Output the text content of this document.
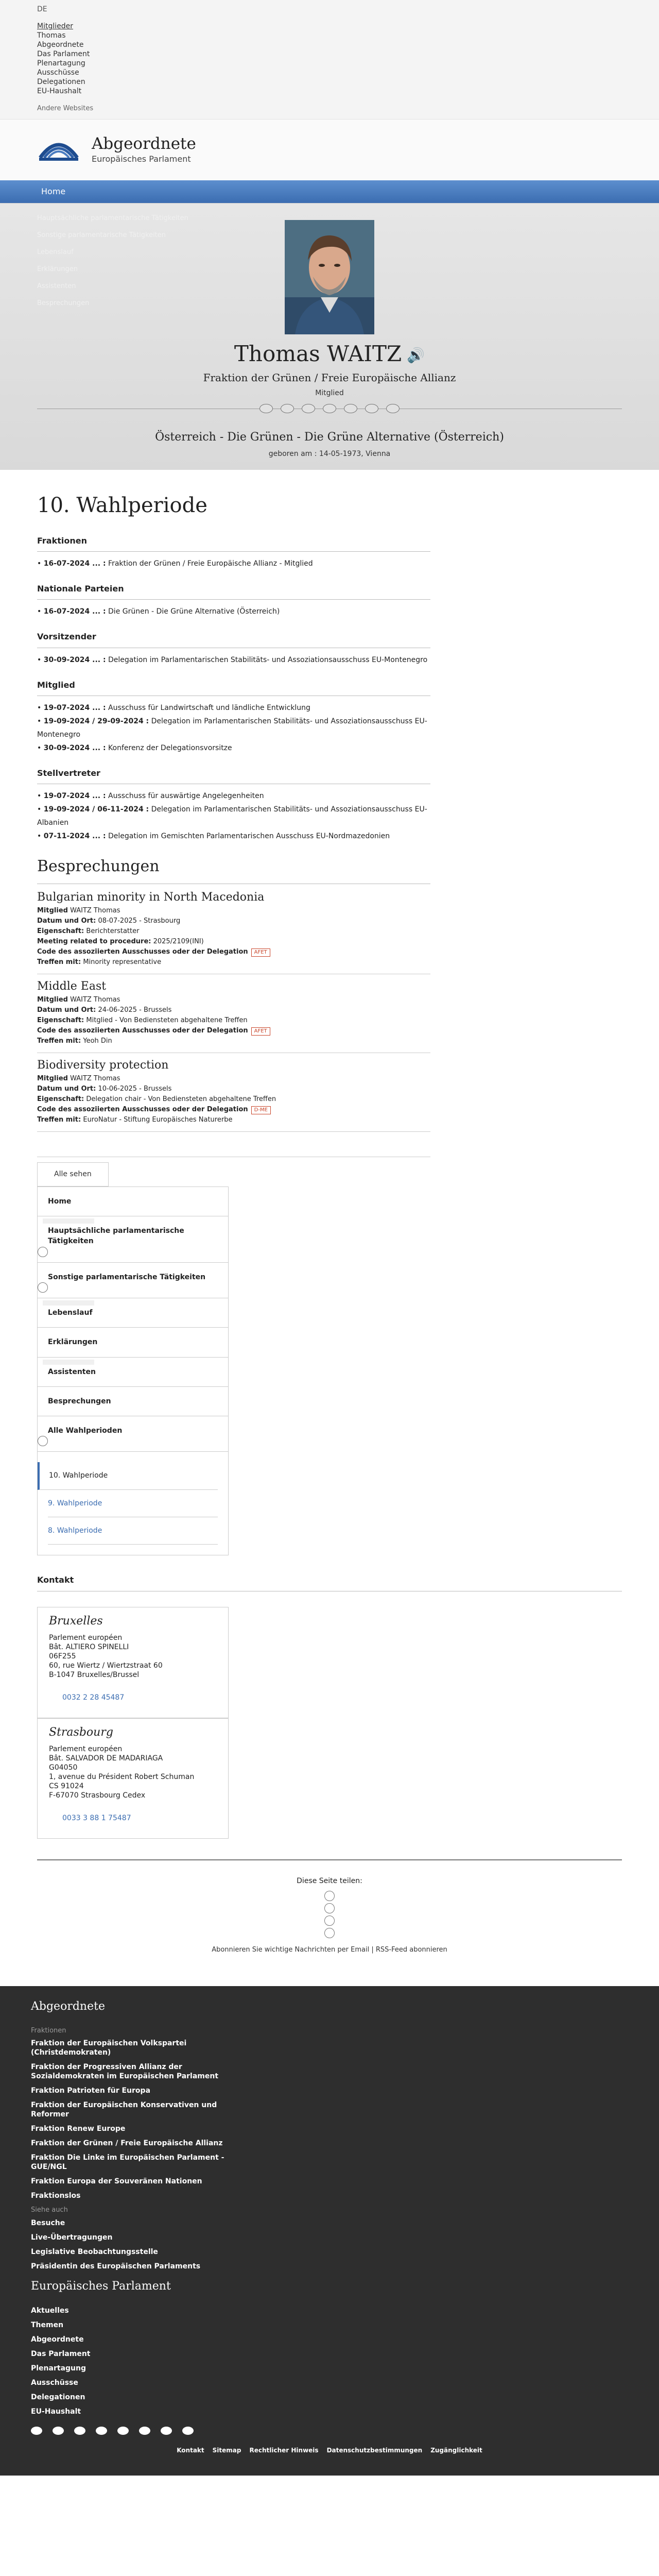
DE
Mitglieder
Thomas
Abgeordnete
Das Parlament
Plenartagung
Ausschüsse
Delegationen
EU-Haushalt
Andere Websites
Abgeordnete
Europäisches Parlament
Home
Hauptsächliche parlamentarische Tätigkeiten
Sonstige parlamentarische Tätigkeiten
Lebenslauf
Erklärungen
Assistenten
Besprechungen
Thomas WAITZ 🔊
Fraktion der Grünen / Freie Europäische Allianz
Mitglied
Österreich - Die Grünen - Die Grüne Alternative (Österreich)
geboren am : 14-05-1973, Vienna
10. Wahlperiode
Fraktionen
• 16-07-2024 ... : Fraktion der Grünen / Freie Europäische Allianz - Mitglied
Nationale Parteien
• 16-07-2024 ... : Die Grünen - Die Grüne Alternative (Österreich)
Vorsitzender
• 30-09-2024 ... : Delegation im Parlamentarischen Stabilitäts- und Assoziationsausschuss EU-Montenegro
Mitglied
• 19-07-2024 ... : Ausschuss für Landwirtschaft und ländliche Entwicklung
• 19-09-2024 / 29-09-2024 : Delegation im Parlamentarischen Stabilitäts- und Assoziationsausschuss EU-Montenegro
• 30-09-2024 ... : Konferenz der Delegationsvorsitze
Stellvertreter
• 19-07-2024 ... : Ausschuss für auswärtige Angelegenheiten
• 19-09-2024 / 06-11-2024 : Delegation im Parlamentarischen Stabilitäts- und Assoziationsausschuss EU-Albanien
• 07-11-2024 ... : Delegation im Gemischten Parlamentarischen Ausschuss EU-Nordmazedonien
Besprechungen
Bulgarian minority in North Macedonia
Mitglied WAITZ Thomas
Datum und Ort: 08-07-2025 - Strasbourg
Eigenschaft: Berichterstatter
Meeting related to procedure: 2025/2109(INI)
Code des assoziierten Ausschusses oder der Delegation AFET
Treffen mit: Minority representative
Middle East
Mitglied WAITZ Thomas
Datum und Ort: 24-06-2025 - Brussels
Eigenschaft: Mitglied - Von Bediensteten abgehaltene Treffen
Code des assoziierten Ausschusses oder der Delegation AFET
Treffen mit: Yeoh Din
Biodiversity protection
Mitglied WAITZ Thomas
Datum und Ort: 10-06-2025 - Brussels
Eigenschaft: Delegation chair - Von Bediensteten abgehaltene Treffen
Code des assoziierten Ausschusses oder der Delegation D-ME
Treffen mit: EuroNatur - Stiftung Europäisches Naturerbe
Alle sehen
Home
Hauptsächliche parlamentarische Tätigkeiten
Sonstige parlamentarische Tätigkeiten
Lebenslauf
Erklärungen
Assistenten
Besprechungen
Alle Wahlperioden
10. Wahlperiode
9. Wahlperiode
8. Wahlperiode
Kontakt
Bruxelles
Parlement européen
Bât. ALTIERO SPINELLI
06F255
60, rue Wiertz / Wiertzstraat 60
B-1047 Bruxelles/Brussel
0032 2 28 45487
Strasbourg
Parlement européen
Bât. SALVADOR DE MADARIAGA
G04050
1, avenue du Président Robert Schuman
CS 91024
F-67070 Strasbourg Cedex
0033 3 88 1 75487
Diese Seite teilen:
Abonnieren Sie wichtige Nachrichten per Email | RSS-Feed abonnieren
Abgeordnete
Fraktionen
Fraktion der Europäischen Volkspartei (Christdemokraten)
Fraktion der Progressiven Allianz der Sozialdemokraten im Europäischen Parlament
Fraktion Patrioten für Europa
Fraktion der Europäischen Konservativen und Reformer
Fraktion Renew Europe
Fraktion der Grünen / Freie Europäische Allianz
Fraktion Die Linke im Europäischen Parlament - GUE/NGL
Fraktion Europa der Souveränen Nationen
Fraktionslos
Siehe auch
Besuche
Live-Übertragungen
Legislative Beobachtungsstelle
Präsidentin des Europäischen Parlaments
Europäisches Parlament
Aktuelles
Themen
Abgeordnete
Das Parlament
Plenartagung
Ausschüsse
Delegationen
EU-Haushalt
Kontakt Sitemap Rechtlicher Hinweis Datenschutzbestimmungen Zugänglichkeit
